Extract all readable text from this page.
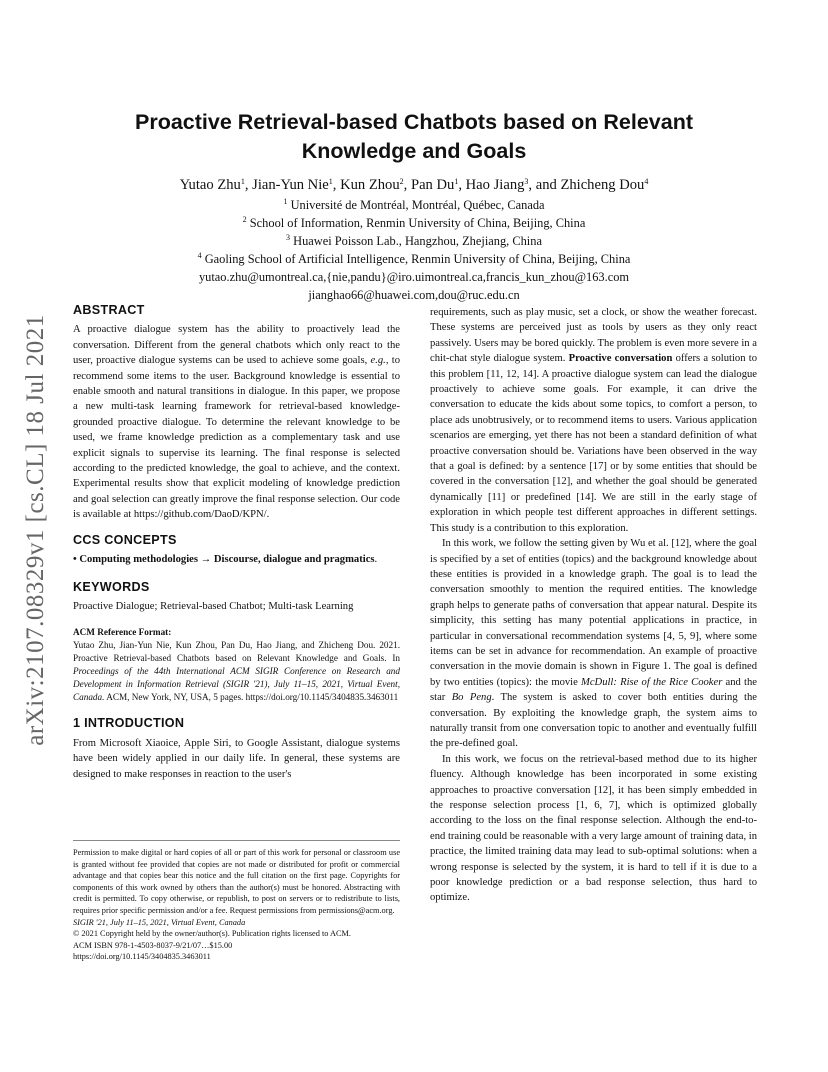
arXiv:2107.08329v1 [cs.CL] 18 Jul 2021
Proactive Retrieval-based Chatbots based on Relevant
Knowledge and Goals
Yutao Zhu$^1$, Jian-Yun Nie$^1$, Kun Zhou$^2$, Pan Du$^1$, Hao Jiang$^3$, and Zhicheng Dou$^4$
$^1$ Université de Montréal, Montréal, Québec, Canada
$^2$ School of Information, Renmin University of China, Beijing, China
$^3$ Huawei Poisson Lab., Hangzhou, Zhejiang, China
$^4$ Gaoling School of Artificial Intelligence, Renmin University of China, Beijing, China
yutao.zhu@umontreal.ca,{nie,pandu}@iro.uimontreal.ca,francis_kun_zhou@163.com
jianghao66@huawei.com,dou@ruc.edu.cn
ABSTRACT

A proactive dialogue system has the ability to proactively lead the conversation. Different from the general chatbots which only react to the user, proactive dialogue systems can be used to achieve some goals, e.g., to recommend some items to the user. Background knowledge is essential to enable smooth and natural transitions in dialogue. In this paper, we propose a new multi-task learning framework for retrieval-based knowledge-grounded proactive dialogue. To determine the relevant knowledge to be used, we frame knowledge prediction as a complementary task and use explicit signals to supervise its learning. The final response is selected according to the predicted knowledge, the goal to achieve, and the context. Experimental results show that explicit modeling of knowledge prediction and goal selection can greatly improve the final response selection. Our code is available at https://github.com/DaoD/KPN/.

CCS CONCEPTS

• Computing methodologies → Discourse, dialogue and pragmatics.

KEYWORDS

Proactive Dialogue; Retrieval-based Chatbot; Multi-task Learning

ACM Reference Format:

Yutao Zhu, Jian-Yun Nie, Kun Zhou, Pan Du, Hao Jiang, and Zhicheng Dou. 2021. Proactive Retrieval-based Chatbots based on Relevant Knowledge and Goals. In Proceedings of the 44th International ACM SIGIR Conference on Research and Development in Information Retrieval (SIGIR '21), July 11–15, 2021, Virtual Event, Canada. ACM, New York, NY, USA, 5 pages. https://doi.org/10.1145/3404835.3463011

1 INTRODUCTION

From Microsoft Xiaoice, Apple Siri, to Google Assistant, dialogue systems have been widely applied in our daily life. In general, these systems are designed to make responses in reaction to the user's

Permission to make digital or hard copies of all or part of this work for personal or classroom use is granted without fee provided that copies are not made or distributed for profit or commercial advantage and that copies bear this notice and the full citation on the first page. Copyrights for components of this work owned by others than the author(s) must be honored. Abstracting with credit is permitted. To copy otherwise, or republish, to post on servers or to redistribute to lists, requires prior specific permission and/or a fee. Request permissions from permissions@acm.org.

SIGIR '21, July 11–15, 2021, Virtual Event, Canada

© 2021 Copyright held by the owner/author(s). Publication rights licensed to ACM.

ACM ISBN 978-1-4503-8037-9/21/07…$15.00

https://doi.org/10.1145/3404835.3463011

requirements, such as play music, set a clock, or show the weather forecast. These systems are perceived just as tools by users as they only react passively. Users may be bored quickly. The problem is even more severe in a chit-chat style dialogue system. Proactive conversation offers a solution to this problem [11, 12, 14]. A proactive dialogue system can lead the dialogue proactively to achieve some goals. For example, it can drive the conversation to educate the kids about some topics, to comfort a person, to place ads unobtrusively, or to recommend items to users. Various application scenarios are emerging, yet there has not been a standard definition of what proactive conversation should be. Variations have been observed in the way that a goal is defined: by a sentence [17] or by some entities that should be covered in the conversation [12], and whether the goal should be generated dynamically [11] or predefined [14]. We are still in the early stage of exploration in which people test different approaches in different settings. This study is a contribution to this exploration.

In this work, we follow the setting given by Wu et al. [12], where the goal is specified by a set of entities (topics) and the background knowledge about these entities is provided in a knowledge graph. The goal is to lead the conversation smoothly to mention the required entities. The knowledge graph helps to generate paths of conversation that appear natural. Despite its simplicity, this setting has many potential applications in practice, in particular in conversational recommendation systems [4, 5, 9], where some items can be set in advance for recommendation. An example of proactive conversation in the movie domain is shown in Figure 1. The goal is defined by two entities (topics): the movie McDull: Rise of the Rice Cooker and the star Bo Peng. The system is asked to cover both entities during the conversation. By exploiting the knowledge graph, the system aims to naturally transit from one conversation topic to another and eventually fulfill the pre-defined goal.

In this work, we focus on the retrieval-based method due to its higher fluency. Although knowledge has been incorporated in some existing approaches to proactive conversation [12], it has been simply embedded in the response selection process [1, 6, 7], which is optimized globally according to the loss on the final response selection. Although the end-to-end training could be reasonable with a very large amount of training data, in practice, the limited training data may lead to sub-optimal solutions: when a wrong response is selected by the system, it is hard to tell if it is due to a poor knowledge prediction or a bad response selection, thus hard to optimize.
